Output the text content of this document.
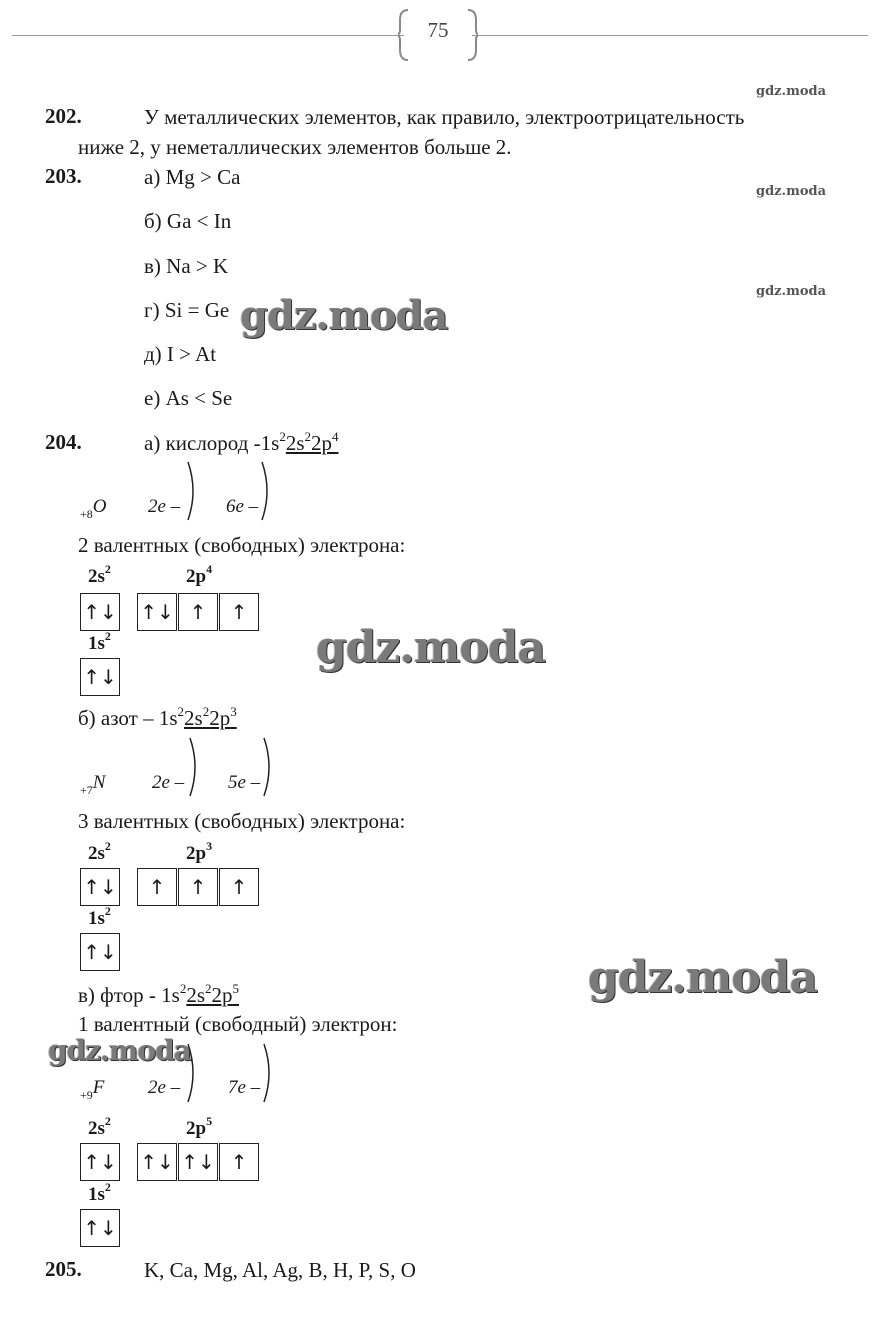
75
gdz.moda
gdz.moda
gdz.moda
202.	У металлических элементов, как правило, электроотрицательность
ниже 2, у неметаллических элементов больше 2.
203.	а) Mg > Ca
б) Ga < In
в) Na > K
г) Si = Ge
д) I > At
е) As < Se
gdz.moda
204.	а) кислород $-1s^22s^22p^4$
$_{+8}$O 2e – 6e –
2 валентных (свободных) электрона:
$2s^2$	$2p^4$
↑↓ ↑↓ ↑	↑
$1s^2$
↑↓
gdz.moda
б) азот – $1s^22s^22p^3$
$_{+7}$N 2e – 5e –
3 валентных (свободных) электрона:
$2s^2$	$2p^3$
↑↓	↑	↑	↑
$1s^2$
↑↓	gdz.moda
в) фтор - $1s^22s^22p^5$
1 валентный (свободный) электрон:
gdz.moda
$_{+9}$F 2e –	7e –
$2s^2$	$2p^5$
↑↓ ↑↓ ↑↓ ↑
$1s^2$
↑↓
205.	K, Ca, Mg, Al, Ag, B, H, P, S, O
